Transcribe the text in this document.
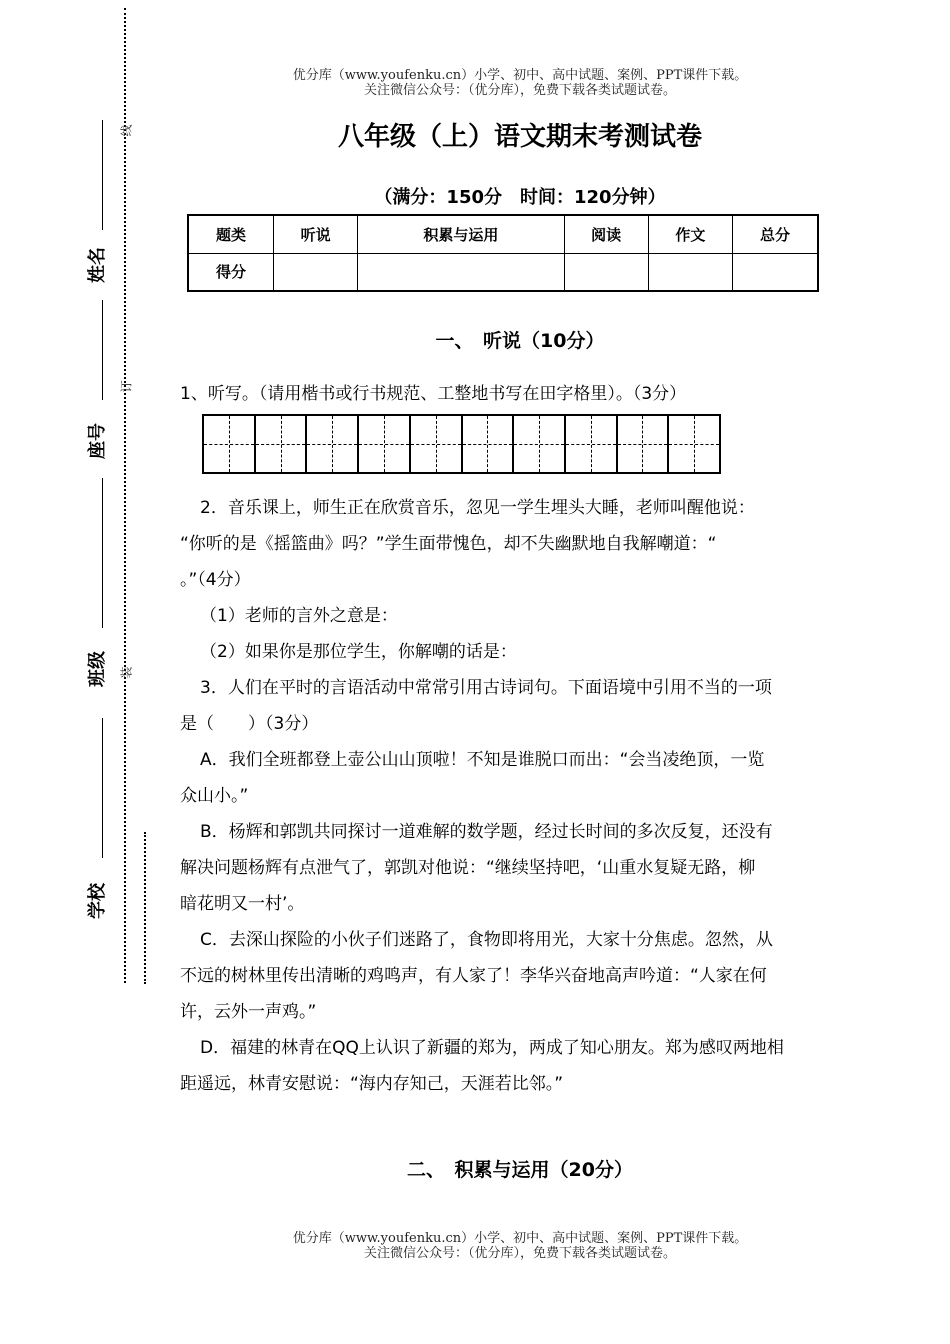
姓名
座号
班级
学校
线
订
装
优分库（www.youfenku.cn）小学、初中、高中试题、案例、PPT课件下载。
关注微信公众号：（优分库），免费下载各类试题试卷。
八年级（上）语文期末考测试卷
（满分：150分　时间：120分钟）
题类	听说	积累与运用	阅读	作文	总分
得分					
一、　听说（10分）

1、听写。（请用楷书或行书规范、工整地书写在田字格里）。（3分）

2．音乐课上，师生正在欣赏音乐，忽见一学生埋头大睡，老师叫醒他说：

“你听的是《摇篮曲》吗？”学生面带愧色，却不失幽默地自我解嘲道：“

。”（4分）

（1）老师的言外之意是：

（2）如果你是那位学生，你解嘲的话是：

3．人们在平时的言语活动中常常引用古诗词句。下面语境中引用不当的一项

是（　　）（3分）

A．我们全班都登上壶公山山顶啦！不知是谁脱口而出：“会当凌绝顶，一览

众山小。”

B．杨辉和郭凯共同探讨一道难解的数学题，经过长时间的多次反复，还没有

解决问题杨辉有点泄气了，郭凯对他说：“继续坚持吧，‘山重水复疑无路，柳

暗花明又一村’。

C．去深山探险的小伙子们迷路了，食物即将用光，大家十分焦虑。忽然，从

不远的树林里传出清晰的鸡鸣声，有人家了！李华兴奋地高声吟道：“人家在何

许，云外一声鸡。”

D．福建的林青在QQ上认识了新疆的郑为，两成了知心朋友。郑为感叹两地相

距遥远，林青安慰说：“海内存知己，天涯若比邻。”

二、　积累与运用（20分）
优分库（www.youfenku.cn）小学、初中、高中试题、案例、PPT课件下载。
关注微信公众号：（优分库），免费下载各类试题试卷。
